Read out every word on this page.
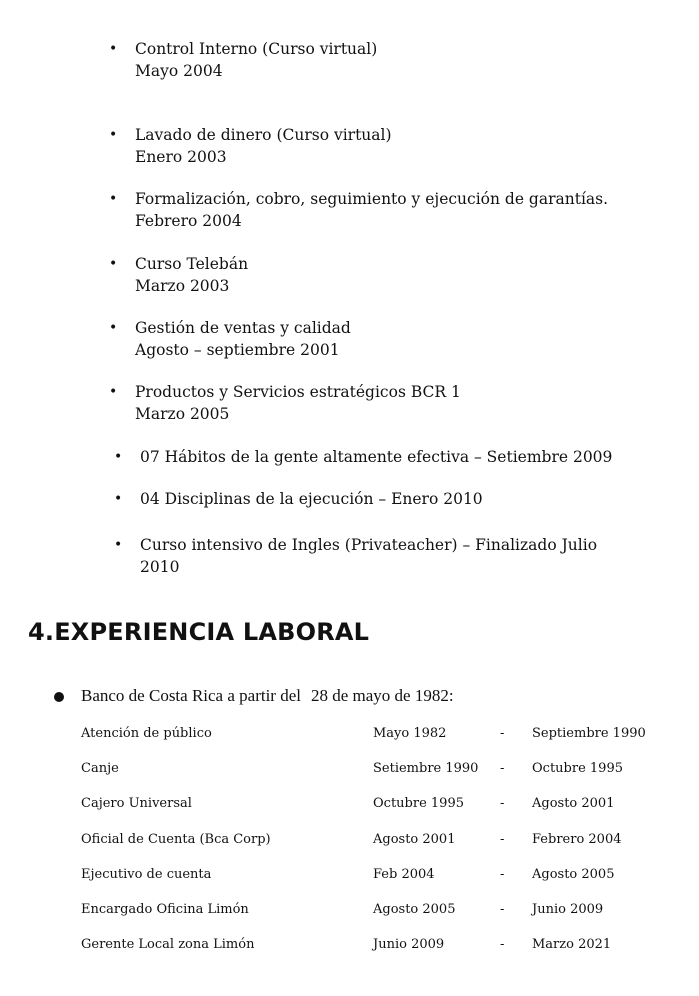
• Control Interno (Curso virtual)
Mayo 2004
• Lavado de dinero (Curso virtual)
Enero 2003
• Formalización, cobro, seguimiento y ejecución de garantías.
Febrero 2004
• Curso Telebán
Marzo 2003
• Gestión de ventas y calidad
Agosto – septiembre 2001
• Productos y Servicios estratégicos BCR 1
Marzo 2005
• 07 Hábitos de la gente altamente efectiva – Setiembre 2009
• 04 Disciplinas de la ejecución – Enero 2010
• Curso intensivo de Ingles (Privateacher) – Finalizado Julio
2010
4.EXPERIENCIA LABORAL
Banco de Costa Rica a partir del 28 de mayo de 1982:
Atención de público	Mayo 1982	- Septiembre 1990
Canje	Setiembre 1990 - Octubre 1995
Cajero Universal	Octubre 1995	- Agosto 2001
Oficial de Cuenta (Bca Corp)	Agosto 2001	- Febrero 2004
Ejecutivo de cuenta	Feb 2004	- Agosto 2005
Encargado Oficina Limón	Agosto 2005	- Junio 2009
Gerente Local zona Limón	Junio 2009	- Marzo 2021
